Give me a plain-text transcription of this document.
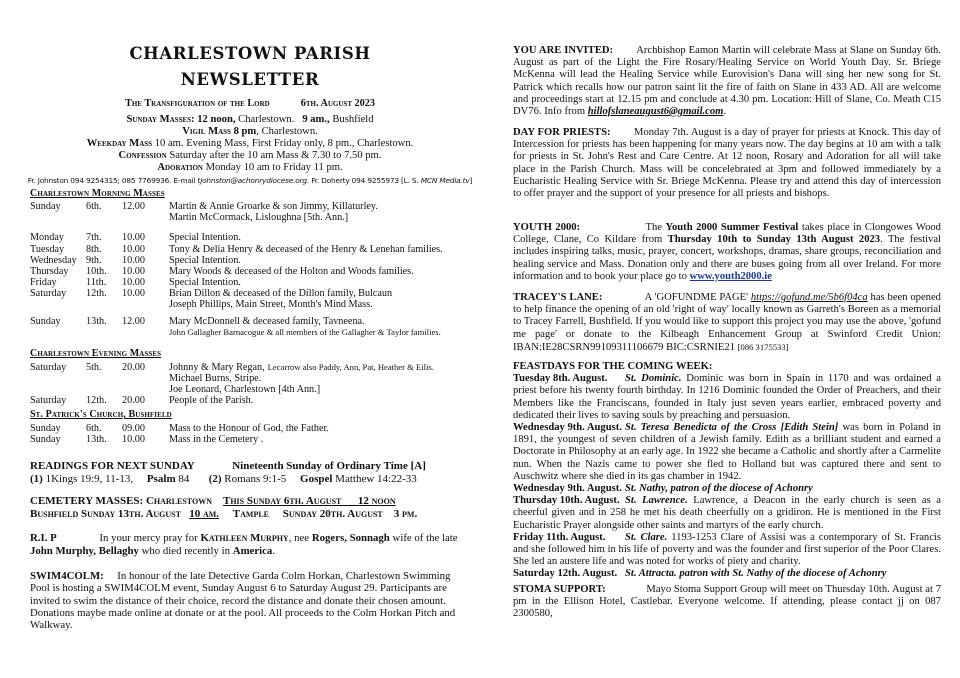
CHARLESTOWN PARISH
NEWSLETTER
The Transfiguration of the Lord	6th. August 2023
Sunday Masses: 12 noon, Charlestown. 9 am., Bushfield
Vigil Mass 8 pm, Charlestown.
Weekday Mass 10 am. Evening Mass, First Friday only, 8 pm., Charlestown.
Confession Saturday after the 10 am Mass & 7.30 to 7.50 pm.
Adoration Monday 10 am to Friday 11 pm.
Fr. Johnston 094 9254315; 085 7769936. E-mail tjohnston@achonrydiocese.org. Fr. Doherty 094 9255973 [L. S. MCN Media.tv]
Charlestown Morning Masses
Sunday 6th. 12.00 Martin & Annie Groarke & son Jimmy, Killaturley.
Martin McCormack, Lisloughna [5th. Ann.]
Monday 7th. 10.00 Special Intention.
Tuesday 8th. 10.00 Tony & Delia Henry & deceased of the Henry & Lenehan families.
Wednesday 9th. 10.00 Special Intention.
Thursday 10th. 10.00 Mary Woods & deceased of the Holton and Woods families.
Friday	11th. 10.00 Special Intention.
Saturday 12th. 10.00 Brian Dillon & deceased of the Dillon family, Bulcaun
Joseph Phillips, Main Street, Month's Mind Mass.
Sunday 13th. 12.00 Mary McDonnell & deceased family, Tavneena.
John Gallagher Barnacogue & all members of the Gallagher & Taylor families.
Charlestown Evening Masses
Saturday 5th. 20.00 Johnny & Mary Regan, Lecarrow also Paddy, Ann, Pat, Heather & Eilis.
Michael Burns, Stripe.
Joe Leonard, Charlestown [4th Ann.]
Saturday 12th. 20.00 People of the Parish.
St. Patrick's Church, Bushfield
Sunday 6th. 09.00 Mass to the Honour of God, the Father.
Sunday 13th. 10.00 Mass in the Cemetery .
READINGS FOR NEXT SUNDAY	Nineteenth Sunday of Ordinary Time [A]
(1) 1Kings 19:9, 11-13, Psalm 84 (2) Romans 9:1-5 Gospel Matthew 14:22-33
CEMETERY MASSES: Charlestown This Sunday 6th. August 12 noon
Bushfield Sunday 13th. August 10 am. Tample Sunday 20th. August 3 pm.
R.I. P	In your mercy pray for Kathleen Murphy, nee Rogers, Sonnagh wife of the late John Murphy, Bellaghy who died recently in America.
SWIM4COLM: In honour of the late Detective Garda Colm Horkan, Charlestown Swimming Pool is hosting a SWIM4COLM event, Sunday August 6 to Saturday August 29. Participants are invited to swim the distance of their choice, record the distance and donate their chosen amount. Donations maybe made online at donate or at the pool. All proceeds to the Colm Horkan Pitch and Walkway.
YOU ARE INVITED: Archbishop Eamon Martin will celebrate Mass at Slane on Sunday 6th. August as part of the Light the Fire Rosary/Healing Service on World Youth Day. Sr. Briege McKenna will lead the Healing Service while Eurovision's Dana will sing her new song for St. Patrick which recalls how our patron saint lit the fire of faith on Slane in 433 AD. All are welcome and proceedings start at 12.15 pm and conclude at 4.30 pm. Location: Hill of Slane, Co. Meath C15 DV76. Info from hillofslaneaugust6@gmail.com.
DAY FOR PRIESTS: Monday 7th. August is a day of prayer for priests at Knock. This day of Intercession for priests has been happening for many years now. The day begins at 10 am with a talk for priests in St. John's Rest and Care Centre. At 12 noon, Rosary and Adoration for all will take place in the Parish Church. Mass will be concelebrated at 3pm and followed immediately by a Eucharistic Healing Service with Sr. Briege McKenna. Please try and attend this day of intercession to offer prayer and the support of your presence for all priests and bishops.
YOUTH 2000:	The Youth 2000 Summer Festival takes place in Clongowes Wood College, Clane, Co Kildare from Thursday 10th to Sunday 13th August 2023. The festival includes inspiring talks, music, prayer, concert, workshops, dramas, share groups, reconciliation and healing service and Mass. Donation only and there are buses going from all over Ireland. For more information and to book your place go to www.youth2000.ie
TRACEY'S LANE:	A 'GOFUNDME PAGE' https://gofund.me/5b6f04ca has been opened to help finance the opening of an old 'right of way' locally known as Garreth's Boreen as a memorial to Tracey Farrell, Bushfield. If you would like to support this project you may use the above, 'gofund me page' or donate to the Kilbeagh Enhancement Group at Swinford Credit Union: IBAN:IE28CSRN99109311106679 BIC:CSRNIE21 [086 3175533]
FEASTDAYS FOR THE COMING WEEK:
Tuesday 8th. August. St. Dominic. Dominic was born in Spain in 1170 and was ordained a priest before his twenty fourth birthday. In 1216 Dominic founded the Order of Preachers, and their Members like the Franciscans, founded in Italy just seven years earlier, embraced poverty and dedicated their lives to saving souls by preaching and persuasion.
Wednesday 9th. August. St. Teresa Benedicta of the Cross [Edith Stein] was born in Poland in 1891, the youngest of seven children of a Jewish family. Edith as a brilliant student and earned a Doctorate in Philosophy at an early age. In 1922 she became a Catholic and shortly after a Carmelite nun. When the Nazis came to power she fled to Holland but was captured there and sent to Auschwitz where she died in its gas chamber in 1942.
Wednesday 9th. August. St. Nathy, patron of the diocese of Achonry
Thursday 10th. August. St. Lawrence. Lawrence, a Deacon in the early church is seen as a cheerful given and in 258 he met his death cheerfully on a gridiron. He is mentioned in the First Eucharistic Prayer alongside other saints and martyrs of the early church.
Friday 11th. August. St. Clare. 1193-1253 Clare of Assisi was a contemporary of St. Francis and she followed him in his life of poverty and was the founder and first superior of the Poor Clares. She led an austere life and was noted for works of piety and charity.
Saturday 12th. August. St. Attracta. patron with St. Nathy of the diocese of Achonry
STOMA SUPPORT:	Mayo Stoma Support Group will meet on Thursday 10th. August at 7 pm in the Ellison Hotel, Castlebar. Everyone welcome. If attending, please contact jj on 087 2300580,
